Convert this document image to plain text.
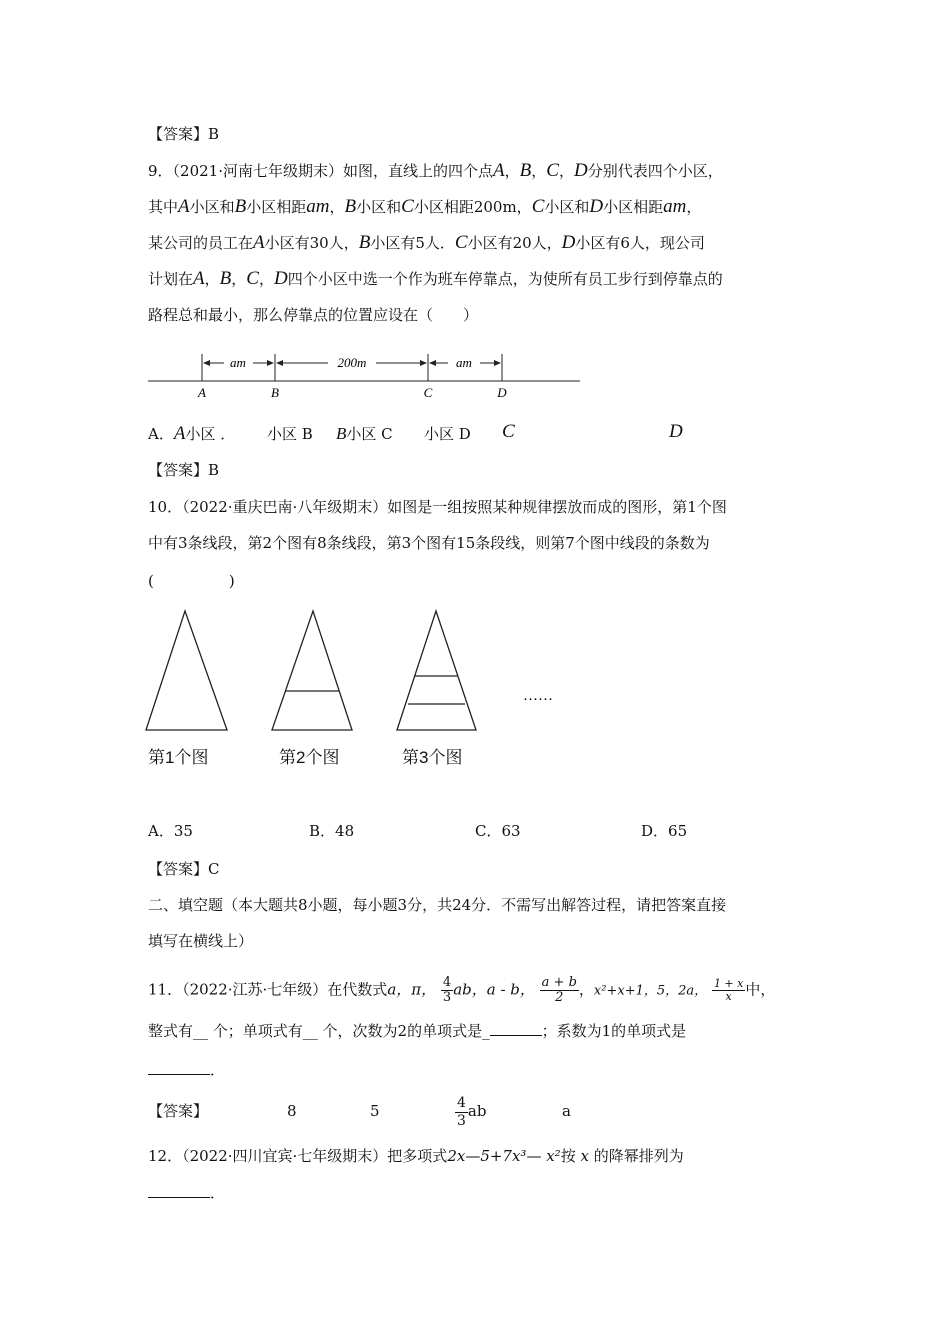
【答案】B
9．（2021·河南七年级期末）如图，直线上的四个点A，B，C，D分别代表四个小区，
其中A小区和B小区相距am，B小区和C小区相距200m，C小区和D小区相距am，
某公司的员工在A小区有30人，B小区有5人．C小区有20人，D小区有6人，现公司
计划在A，B，C，D四个小区中选一个作为班车停靠点，为使所有员工步行到停靠点的
路程总和最小，那么停靠点的位置应设在（　　）
am	200m	am
A	B	C	D
A．A小区 ． 小区 B B小区 C 小区 D C	D
【答案】B
10．（2022·重庆巴南·八年级期末）如图是一组按照某种规律摆放而成的图形，第1个图
中有3条线段，第2个图有8条线段，第3个图有15条段线，则第7个图中线段的条数为
(　　　　　)
……
第1个图	第2个图	第3个图
A．35	B．48	C．63	D．65
【答案】C
二、填空题（本大题共8小题，每小题3分，共24分．不需写出解答过程，请把答案直接
填写在横线上）
11．（2022·江苏·七年级）在代数式a，π， $\frac{4}{3}$ ab，a - b， $\frac{a + b}{2}$ ，x²+x+1，5，2a， $\frac{1 + x}{x}$ 中，
整式有__ 个；单项式有__ 个，次数为2的单项式是_	；系数为1的单项式是
．
【答案】	8	5	$\frac{4}{3}$ ab	a
12．（2022·四川宜宾·七年级期末）把多项式2x—5+7x³— x²按 x 的降幂排列为
．
